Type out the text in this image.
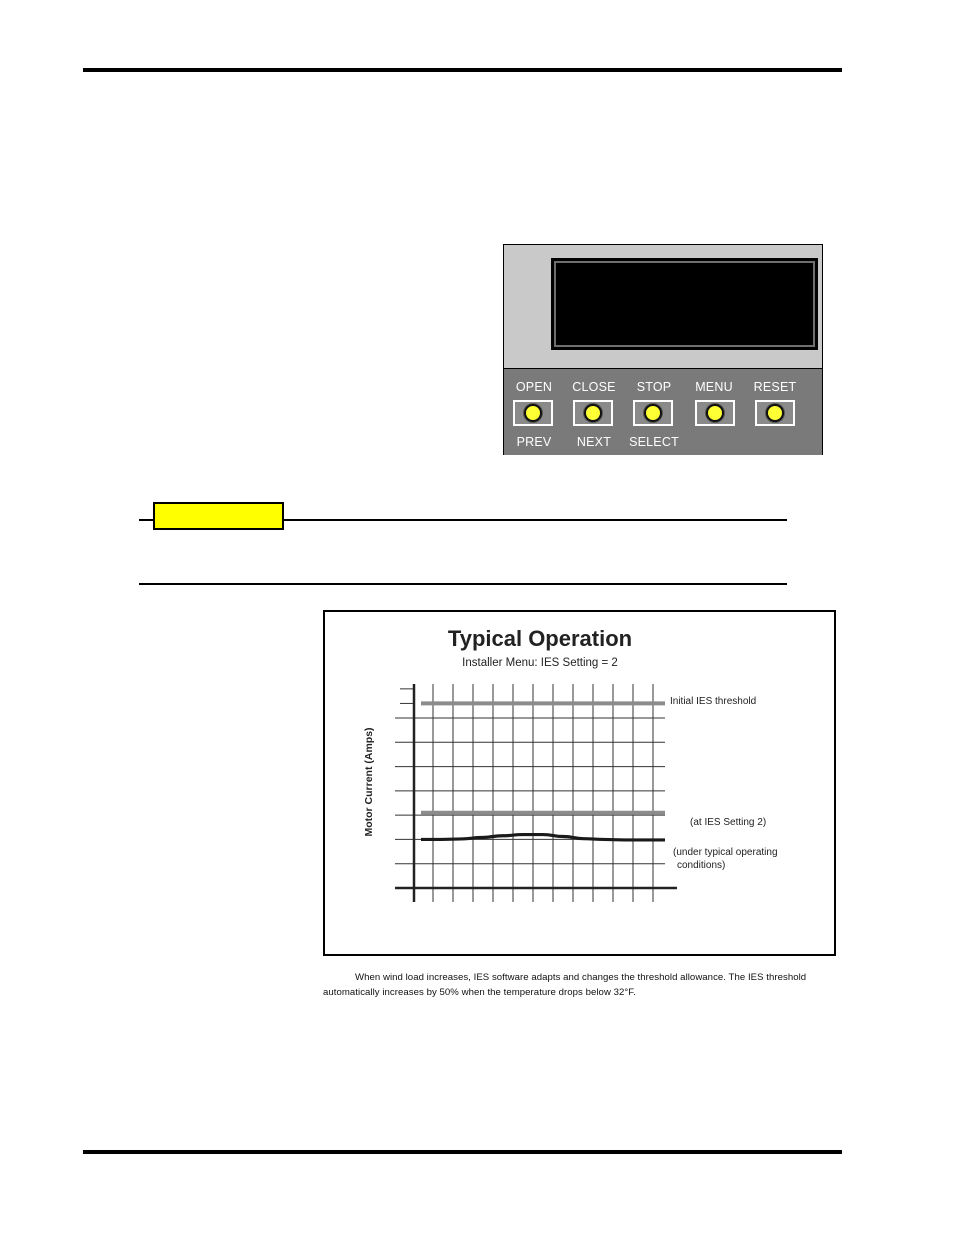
OPEN
PREV
CLOSE
NEXT
STOP
SELECT
MENU	RESET
Typical Operation
Installer Menu: IES Setting = 2
Motor Current (Amps)
Initial IES threshold
(at IES Setting 2)
(under typical operating
conditions)
When wind load increases, IES software adapts and changes the threshold allowance. The IES threshold automatically increases by 50% when the temperature drops below 32°F.
